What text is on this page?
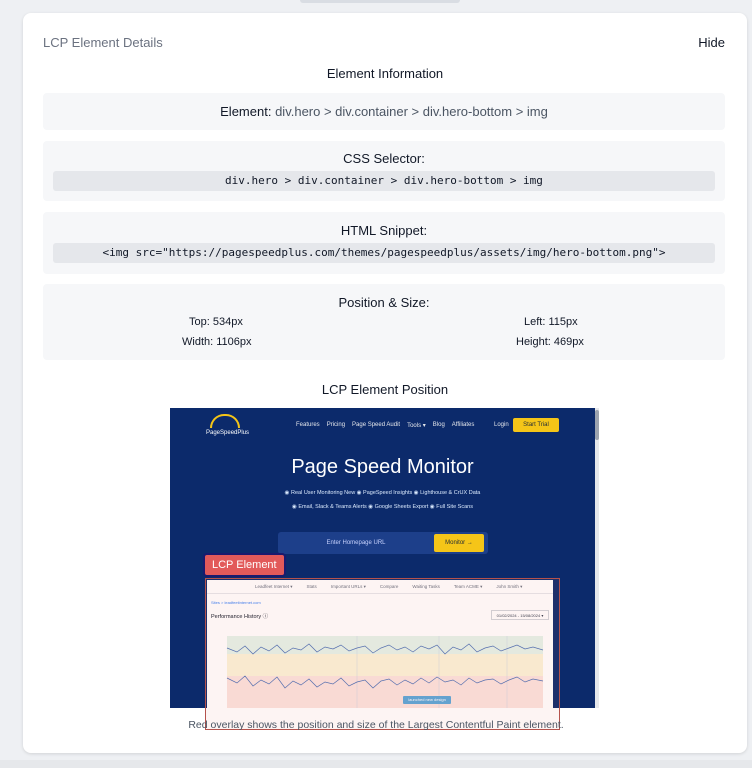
LCP Element Details	Hide
Element Information
Element: div.hero > div.container > div.hero-bottom > img
CSS Selector:
div.hero > div.container > div.hero-bottom > img
HTML Snippet:
<img src="https://pagespeedplus.com/themes/pagespeedplus/assets/img/hero-bottom.png">
Position & Size:
Top: 534px	Left: 115px
Width: 1106px	Height: 469px
LCP Element Position
PageSpeedPlus
Features Pricing Page Speed Audit Tools ▾ Blog Affiliates	Login	Start Trial
Page Speed Monitor
◉ Real User Monitoring New ◉ PageSpeed Insights ◉ Lighthouse & CrUX Data
◉ Email, Slack & Teams Alerts ◉ Google Sheets Export ◉ Full Site Scans
Enter Homepage URL	Monitor →
Leadfeet Internet ▾	Stats	Important URLs ▾	Compare	Waiting Tasks	Team ACME ▾	John Smith ▾
Sites > leadfeetinternet.com
Performance History ⓘ	01/02/2024 - 15/08/2024 ▾
launched new design
LCP Element
Red overlay shows the position and size of the Largest Contentful Paint element.
